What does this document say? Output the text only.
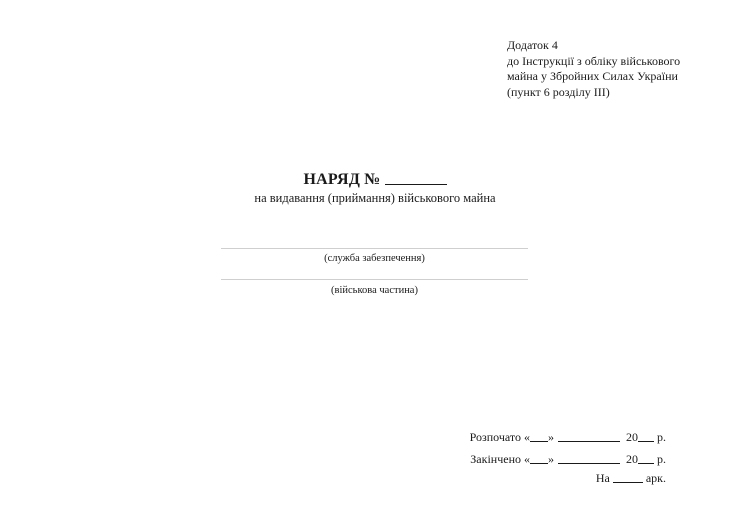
Додаток 4
до Інструкції з обліку військового
майна у Збройних Силах України
(пункт 6 розділу III)
НАРЯД №
на видавання (приймання) військового майна
(служба забезпечення)
(військова частина)
Розпочато « »	20 р.
Закінчено « »	20 р.
На	арк.
